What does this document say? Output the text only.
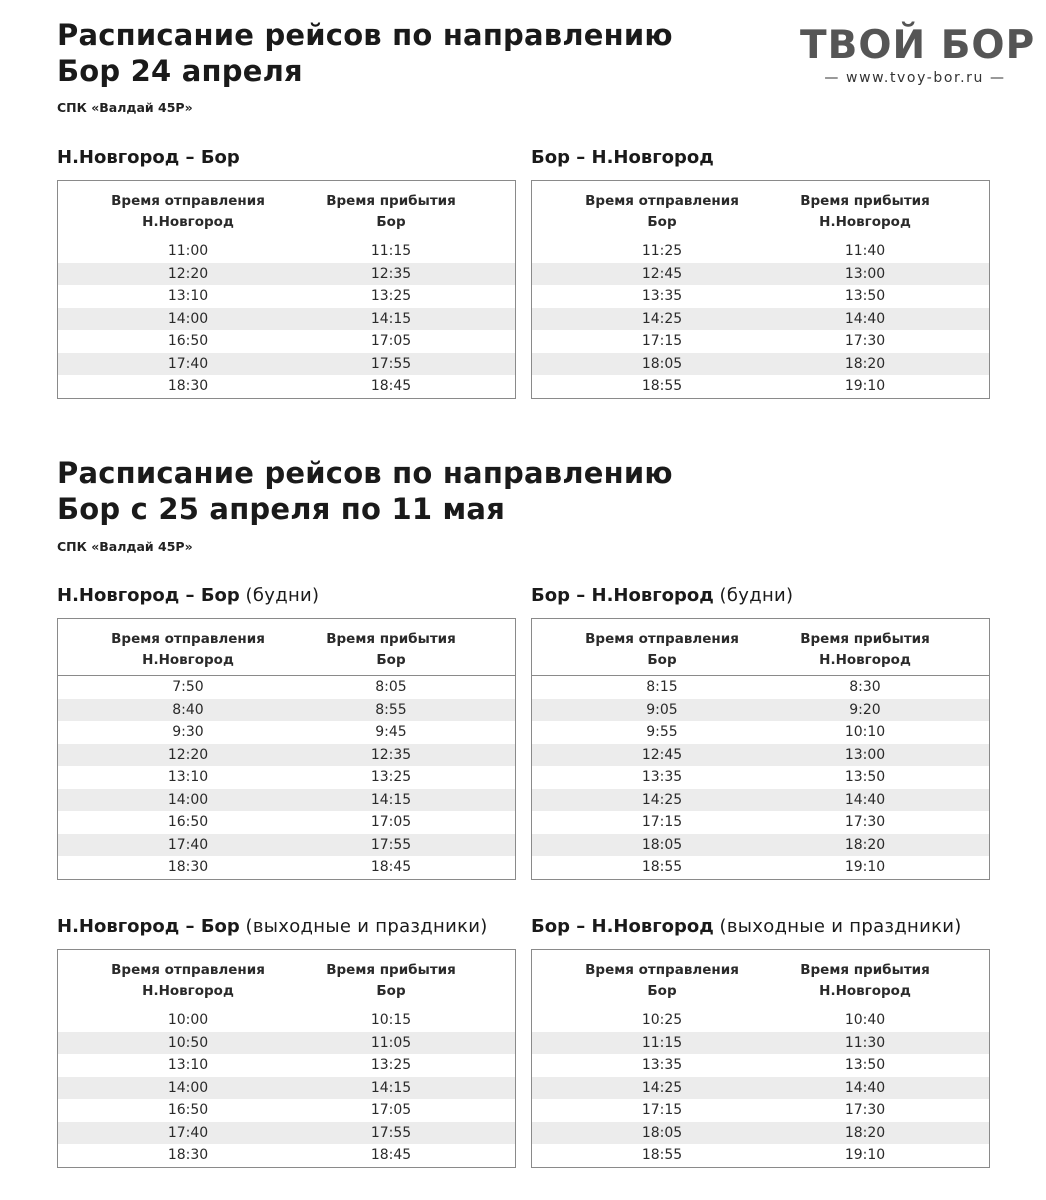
ТВОЙ БОР
— www.tvoy-bor.ru —
Расписание рейсов по направлению
Бор 24 апреля
СПК «Валдай 45Р»
Н.Новгород – Бор	Бор – Н.Новгород
Время отправления
Н.Новгород
Время прибытия
Бор
11:00	11:15
12:20	12:35
13:10	13:25
14:00	14:15
16:50	17:05
17:40	17:55
18:30	18:45
Время отправления
Бор
Время прибытия
Н.Новгород
11:25	11:40
12:45	13:00
13:35	13:50
14:25	14:40
17:15	17:30
18:05	18:20
18:55	19:10
Расписание рейсов по направлению
Бор с 25 апреля по 11 мая
СПК «Валдай 45Р»
Н.Новгород – Бор (будни)	Бор – Н.Новгород (будни)
Время отправления
Н.Новгород
Время прибытия
Бор
7:50	8:05
8:40	8:55
9:30	9:45
12:20	12:35
13:10	13:25
14:00	14:15
16:50	17:05
17:40	17:55
18:30	18:45
Время отправления
Бор
Время прибытия
Н.Новгород
8:15	8:30
9:05	9:20
9:55	10:10
12:45	13:00
13:35	13:50
14:25	14:40
17:15	17:30
18:05	18:20
18:55	19:10
Н.Новгород – Бор (выходные и праздники) Бор – Н.Новгород (выходные и праздники)
Время отправления
Н.Новгород
Время прибытия
Бор
10:00	10:15
10:50	11:05
13:10	13:25
14:00	14:15
16:50	17:05
17:40	17:55
18:30	18:45
Время отправления
Бор
Время прибытия
Н.Новгород
10:25	10:40
11:15	11:30
13:35	13:50
14:25	14:40
17:15	17:30
18:05	18:20
18:55	19:10
